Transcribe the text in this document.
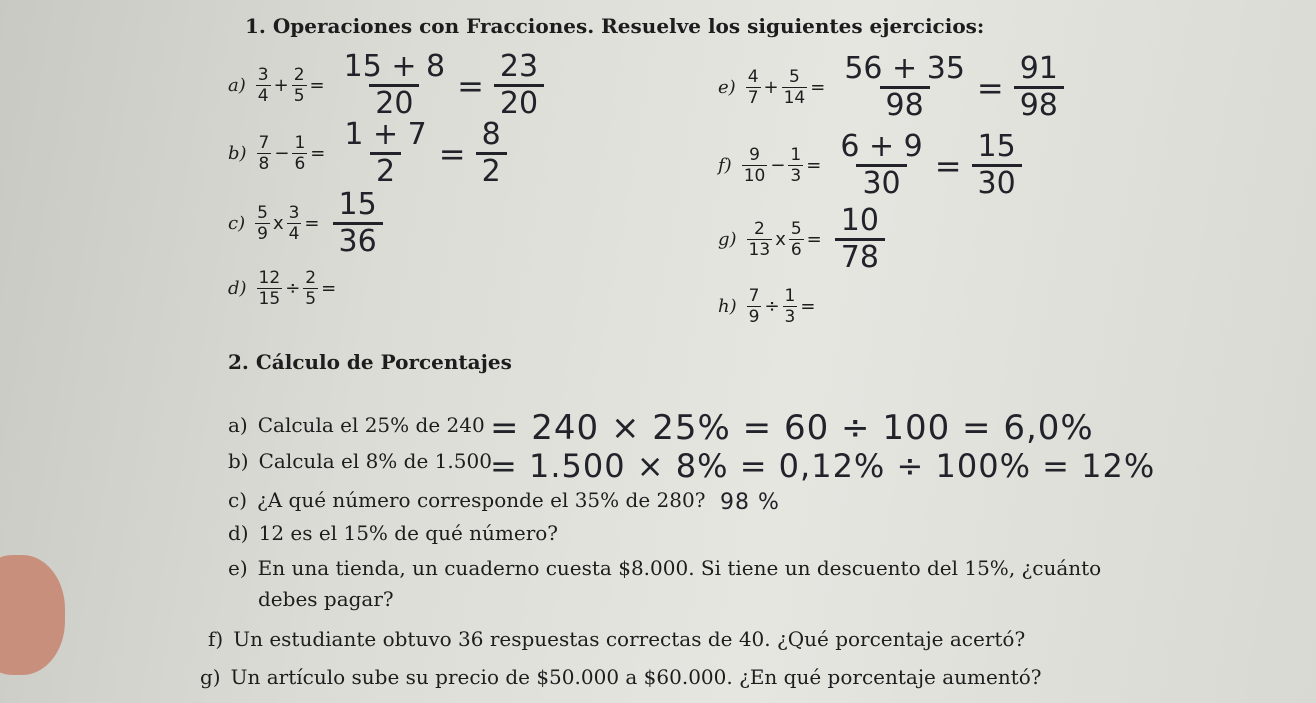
1. Operaciones con Fracciones. Resuelve los siguientes ejercicios:
$a) \frac{3}{4} + \frac{2}{5} = \frac{15 + 8}{20} = \frac{23}{20}$
$b) \frac{7}{8} - \frac{1}{6} = \frac{1 + 7}{2} = \frac{8}{2}$
$c) \frac{5}{9}$ x $\frac{3}{4} = \frac{15}{36}$
$d) \frac{12}{15} \div \frac{2}{5}$ =
$e) \frac{4}{7} + \frac{5}{14} = \frac{56 + 35}{98} = \frac{91}{98}$
$f) \frac{9}{10} - \frac{1}{3} = \frac{6 + 9}{30} = \frac{15}{30}$
$g) \frac{2}{13}$ x $\frac{5}{6} = \frac{10}{78}$
$h) \frac{7}{9} \div \frac{1}{3}$ =
2. Cálculo de Porcentajes
a) Calcula el 25% de 240 = 240 × 25% = 60 ÷ 100 = 6,0%
b) Calcula el 8% de 1.500
= 1.500 × 8% = 0,12% ÷ 100% = 12%
c) ¿A qué número corresponde el 35% de 280? 98 %
d) 12 es el 15% de qué número?
e) En una tienda, un cuaderno cuesta $8.000. Si tiene un descuento del 15%, ¿cuánto
debes pagar?
f) Un estudiante obtuvo 36 respuestas correctas de 40. ¿Qué porcentaje acertó?
g) Un artículo sube su precio de $50.000 a $60.000. ¿En qué porcentaje aumentó?
